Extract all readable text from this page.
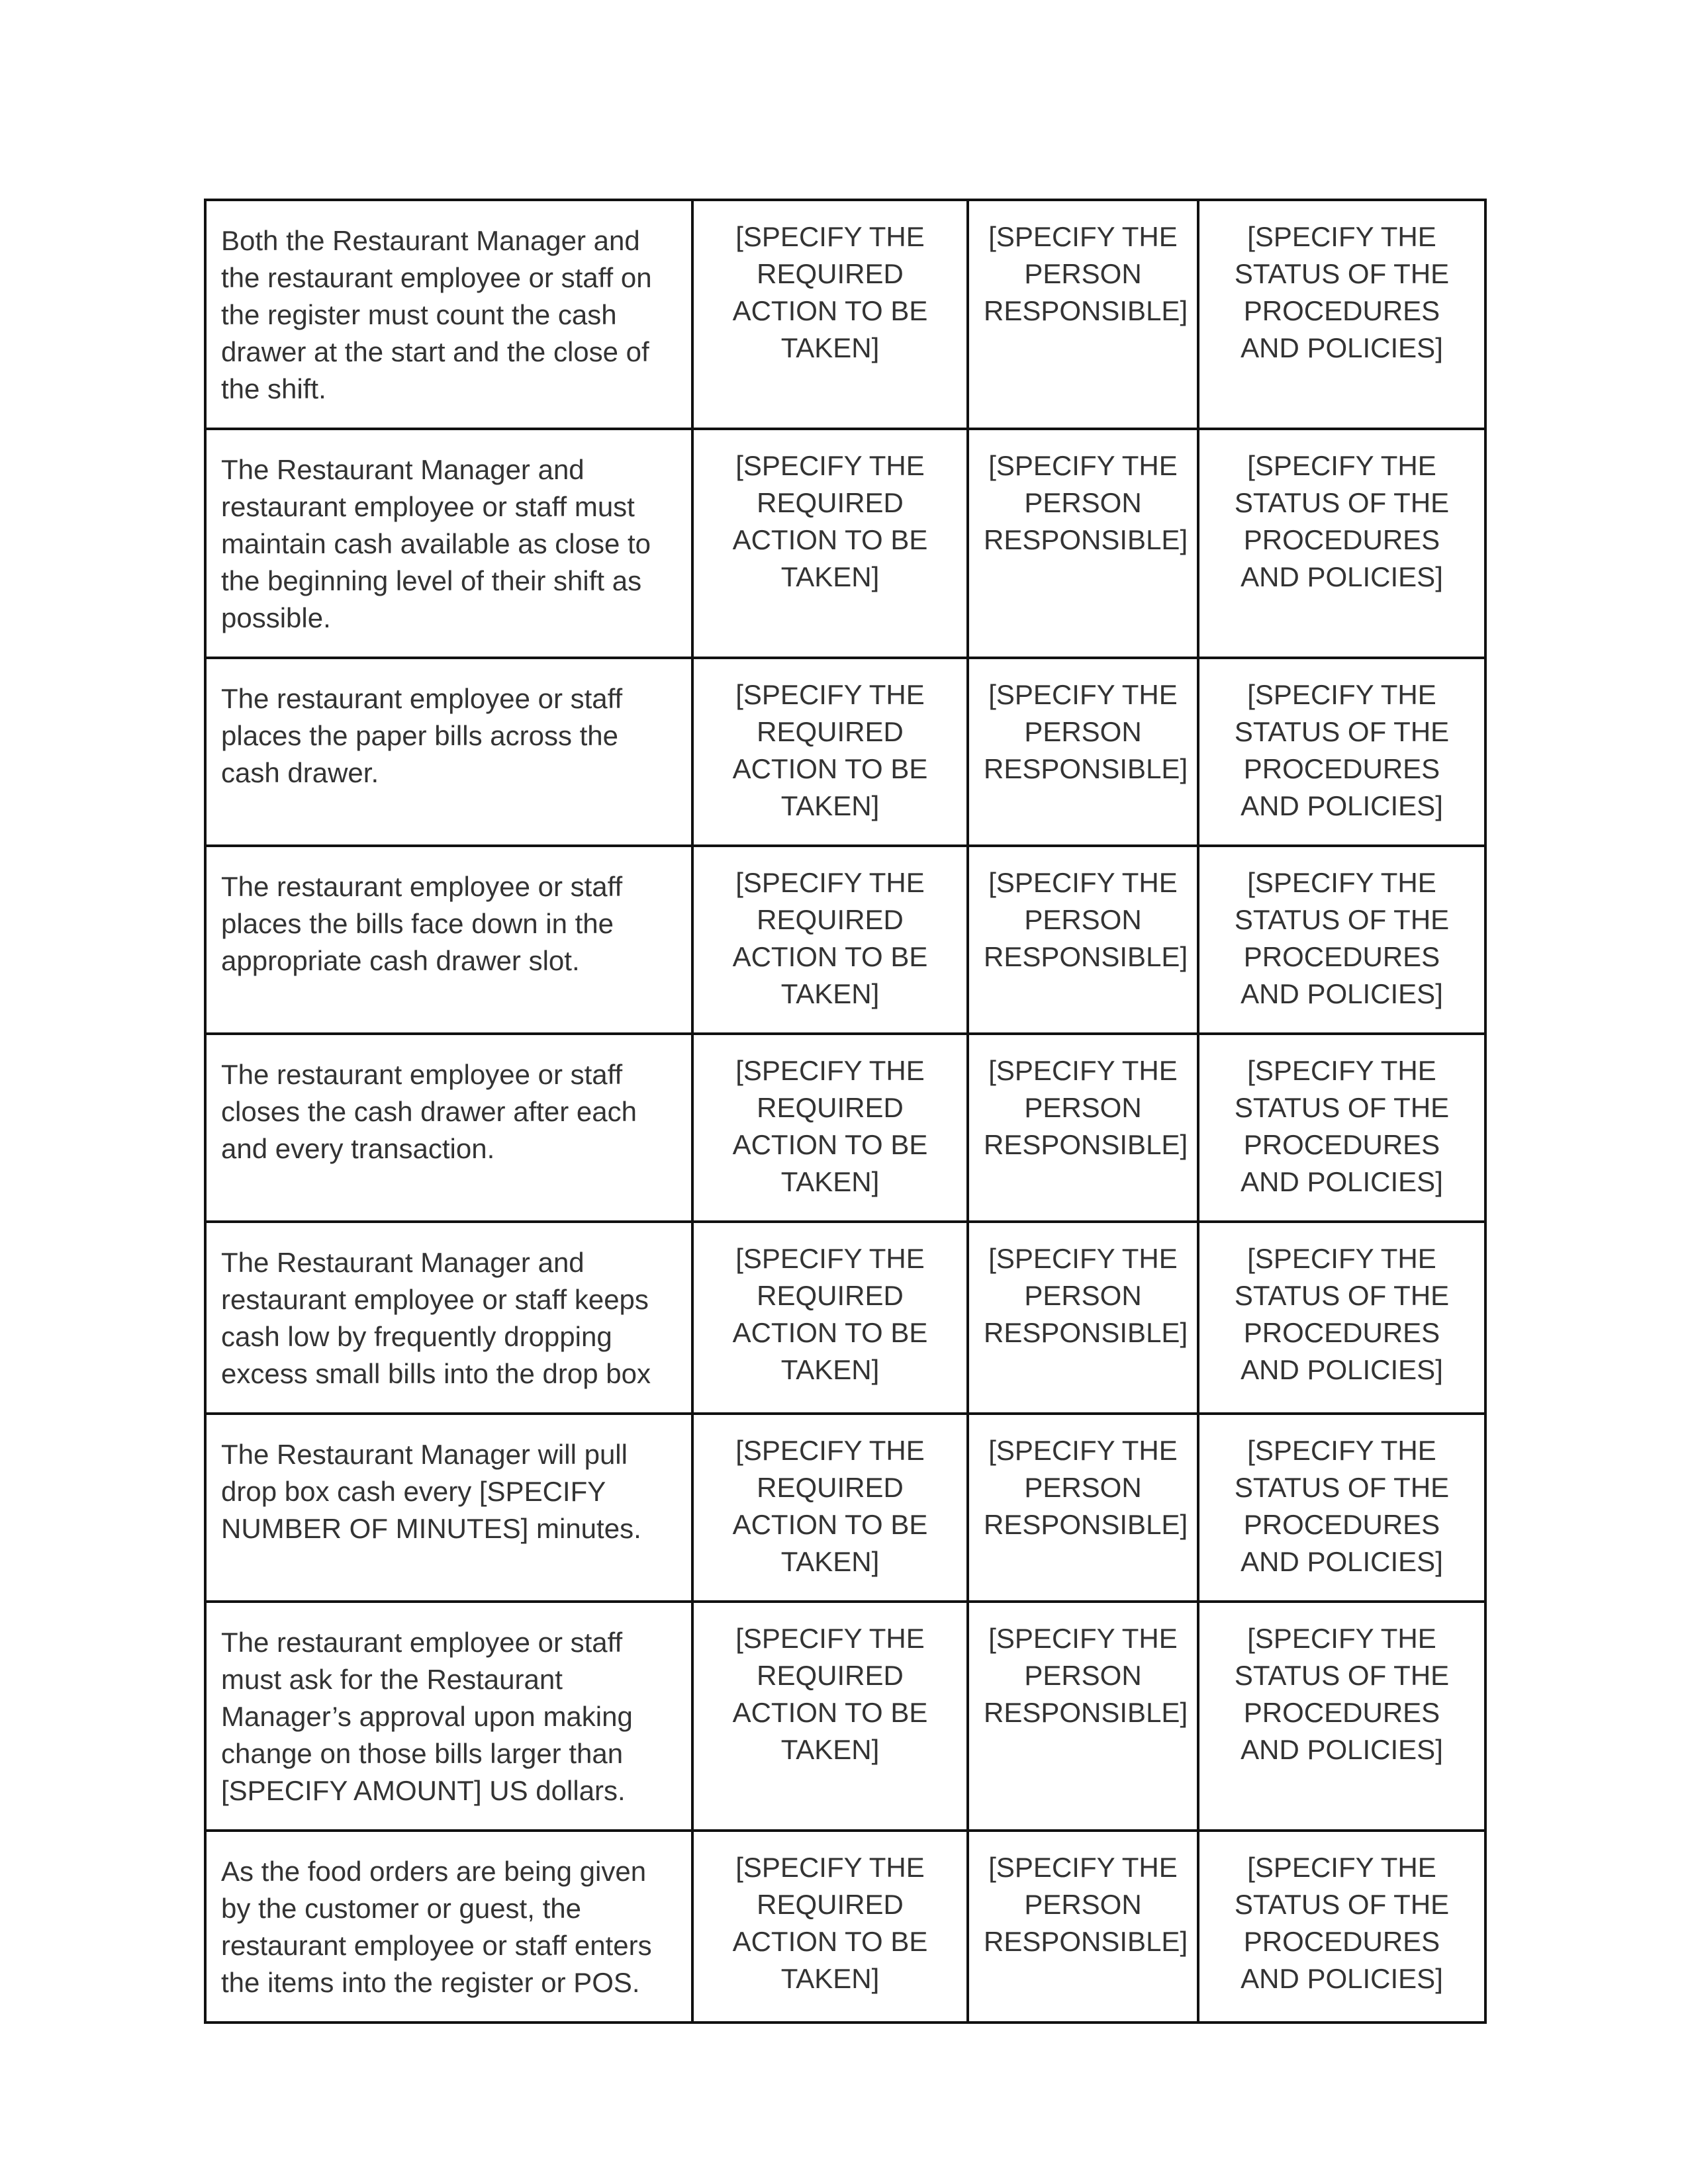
Both the Restaurant Manager and the restaurant employee or staff on the register must count the cash drawer at the start and the close of the shift.	[SPECIFY THE REQUIRED ACTION TO BE TAKEN]	[SPECIFY THE PERSON RESPONSIBLE]	[SPECIFY THE STATUS OF THE PROCEDURES AND POLICIES]

The Restaurant Manager and restaurant employee or staff must maintain cash available as close to the beginning level of their shift as possible.	[SPECIFY THE REQUIRED ACTION TO BE TAKEN]	[SPECIFY THE PERSON RESPONSIBLE]	[SPECIFY THE STATUS OF THE PROCEDURES AND POLICIES]

The restaurant employee or staff places the paper bills across the cash drawer.	[SPECIFY THE REQUIRED ACTION TO BE TAKEN]	[SPECIFY THE PERSON RESPONSIBLE]	[SPECIFY THE STATUS OF THE PROCEDURES AND POLICIES]

The restaurant employee or staff places the bills face down in the appropriate cash drawer slot.	[SPECIFY THE REQUIRED ACTION TO BE TAKEN]	[SPECIFY THE PERSON RESPONSIBLE]	[SPECIFY THE STATUS OF THE PROCEDURES AND POLICIES]

The restaurant employee or staff closes the cash drawer after each and every transaction.	[SPECIFY THE REQUIRED ACTION TO BE TAKEN]	[SPECIFY THE PERSON RESPONSIBLE]	[SPECIFY THE STATUS OF THE PROCEDURES AND POLICIES]

The Restaurant Manager and restaurant employee or staff keeps cash low by frequently dropping excess small bills into the drop box	[SPECIFY THE REQUIRED ACTION TO BE TAKEN]	[SPECIFY THE PERSON RESPONSIBLE]	[SPECIFY THE STATUS OF THE PROCEDURES AND POLICIES]

The Restaurant Manager will pull drop box cash every [SPECIFY NUMBER OF MINUTES] minutes.	[SPECIFY THE REQUIRED ACTION TO BE TAKEN]	[SPECIFY THE PERSON RESPONSIBLE]	[SPECIFY THE STATUS OF THE PROCEDURES AND POLICIES]

The restaurant employee or staff must ask for the Restaurant Manager’s approval upon making change on those bills larger than [SPECIFY AMOUNT] US dollars.	[SPECIFY THE REQUIRED ACTION TO BE TAKEN]	[SPECIFY THE PERSON RESPONSIBLE]	[SPECIFY THE STATUS OF THE PROCEDURES AND POLICIES]

As the food orders are being given by the customer or guest, the restaurant employee or staff enters the items into the register or POS.	[SPECIFY THE REQUIRED ACTION TO BE TAKEN]	[SPECIFY THE PERSON RESPONSIBLE]	[SPECIFY THE STATUS OF THE PROCEDURES AND POLICIES]
